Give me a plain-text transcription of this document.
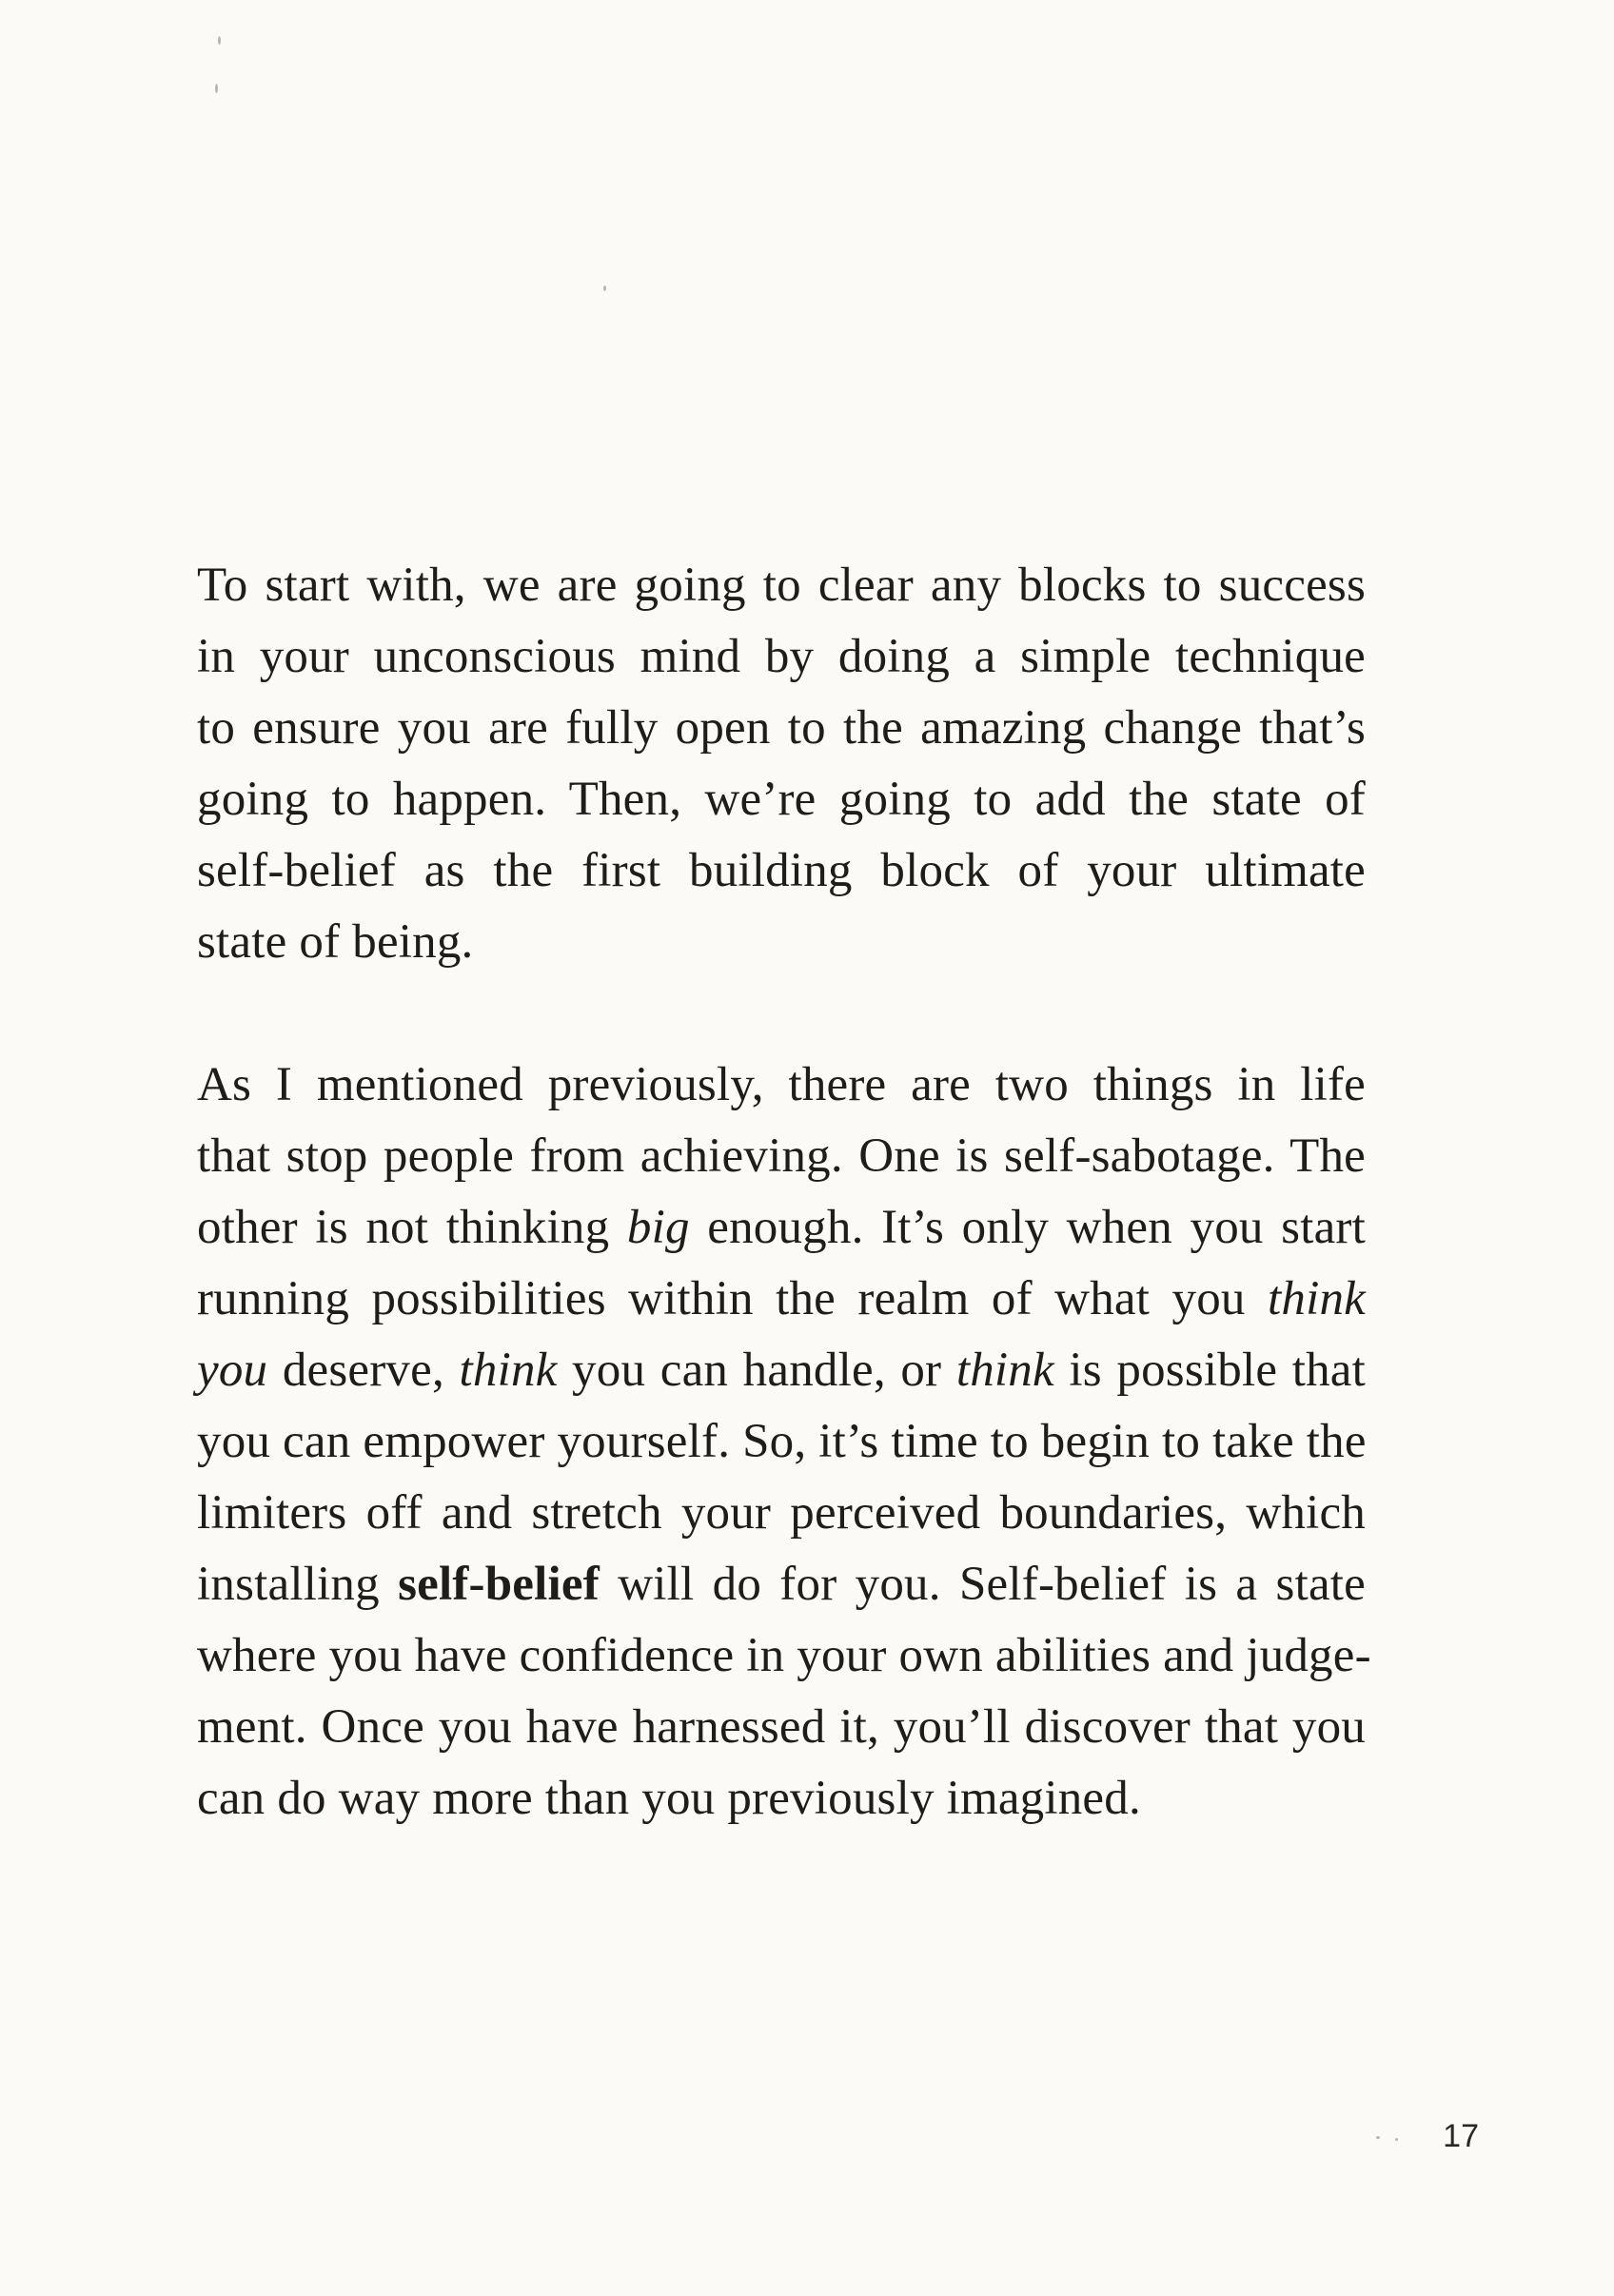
To start with, we are going to clear any blocks to success
in your unconscious mind by doing a simple technique
to ensure you are fully open to the amazing change that’s
going to happen. Then, we’re going to add the state of
self-belief as the first building block of your ultimate
state of being.
As I mentioned previously, there are two things in life
that stop people from achieving. One is self-sabotage. The
other is not thinking big enough. It’s only when you start
running possibilities within the realm of what you think
you deserve, think you can handle, or think is possible that
you can empower yourself. So, it’s time to begin to take the
limiters off and stretch your perceived boundaries, which
installing self-belief will do for you. Self-belief is a state
where you have confidence in your own abilities and judge-
ment. Once you have harnessed it, you’ll discover that you
can do way more than you previously imagined.
17
